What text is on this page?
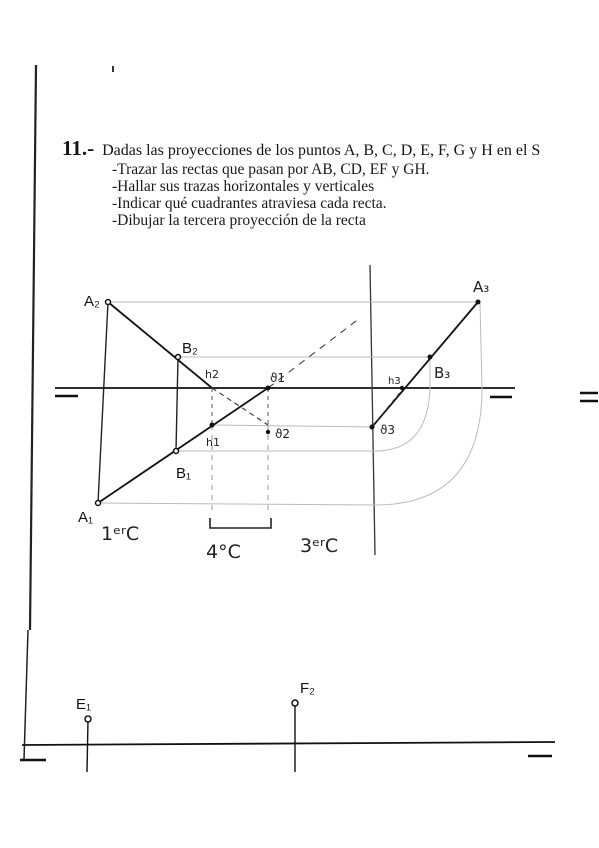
11.- Dadas las proyecciones de los puntos A, B, C, D, E, F, G y H en el S
-Trazar las rectas que pasan por AB, CD, EF y GH.
-Hallar sus trazas horizontales y verticales
-Indicar qué cuadrantes atraviesa cada recta.
-Dibujar la tercera proyección de la recta
A₂
B₂
B₁
A₁
A₃
B₃
h2
h1
ϑ1
ϑ2	ϑ3
h3
1ᵉʳC
4°C	3ᵉʳC
E₁
F₂
